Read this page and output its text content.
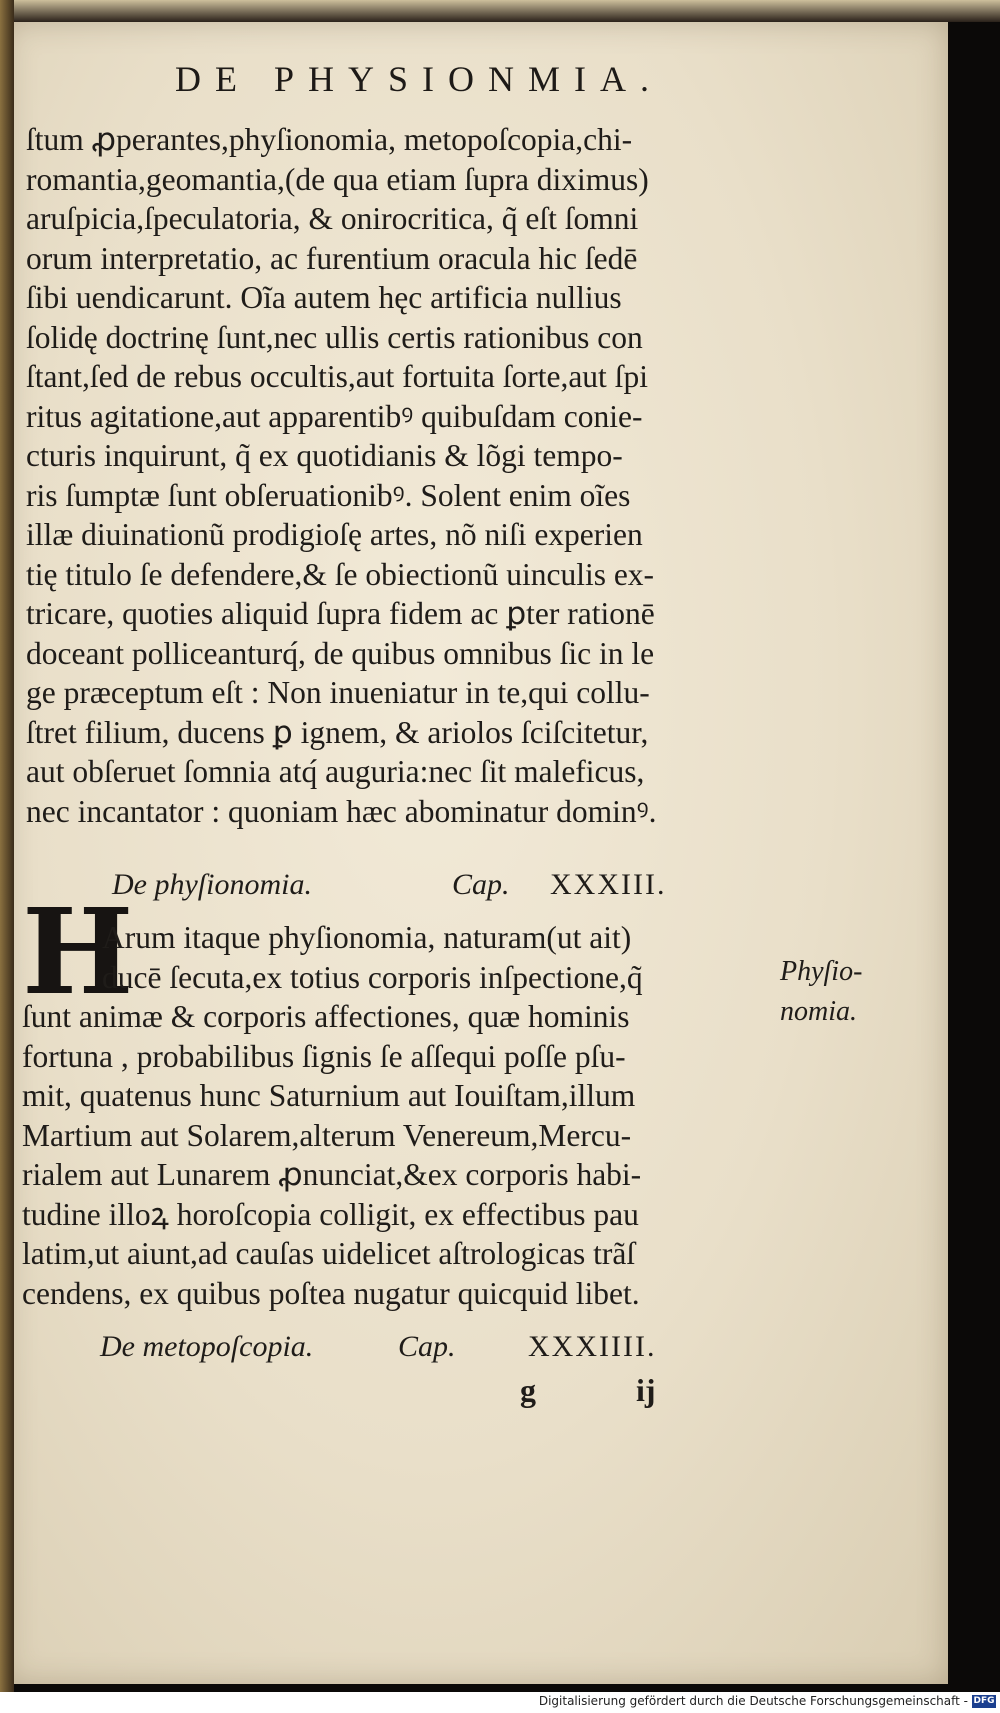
DE PHYSIONMIA.
ſtum ꝓperantes,phyſionomia, metopoſcopia,chi-
romantia,geomantia,(de qua etiam ſupra diximus)
aruſpicia,ſpeculatoria, & onirocritica, q̃ eſt ſomni
orum interpretatio, ac furentium oracula hic ſedē
ſibi uendicarunt. Oĩa autem hęc artificia nullius
ſolidę doctrinę ſunt,nec ullis certis rationibus con
ſtant,ſed de rebus occultis,aut fortuita ſorte,aut ſpi
ritus agitatione,aut apparentibꝰ quibuſdam conie-
cturis inquirunt, q̃ ex quotidianis & lõgi tempo-
ris ſumptæ ſunt obſeruationibꝰ. Solent enim oĩes
illæ diuinationũ prodigioſę artes, nõ niſi experien
tię titulo ſe defendere,& ſe obiectionũ uinculis ex-
tricare, quoties aliquid ſupra fidem ac ꝑter rationē
doceant polliceanturq́, de quibus omnibus ſic in le
ge præceptum eſt : Non inueniatur in te,qui collu-
ſtret filium, ducens ꝑ ignem, & ariolos ſciſcitetur,
aut obſeruet ſomnia atq́ auguria:nec ſit maleficus,
nec incantator : quoniam hæc abominatur dominꝰ.
De phyſionomia.	Cap. XXXIII.
H
Arum itaque phyſionomia, naturam(ut ait)
ducē ſecuta,ex totius corporis inſpectione,q̃
ſunt animæ & corporis affectiones, quæ hominis
fortuna , probabilibus ſignis ſe aſſequi poſſe pſu-
mit, quatenus hunc Saturnium aut Iouiſtam,illum
Martium aut Solarem,alterum Venereum,Mercu-
rialem aut Lunarem ꝓnunciat,&ex corporis habi-
tudine illoꝝ horoſcopia colligit, ex effectibus pau
latim,ut aiunt,ad cauſas uidelicet aſtrologicas trãſ
cendens, ex quibus poſtea nugatur quicquid libet.
Phyſio-
nomia.
De metopoſcopia.	Cap. XXXIIII.
g	ij
Digitalisierung gefördert durch die Deutsche Forschungsgemeinschaft - DFG
